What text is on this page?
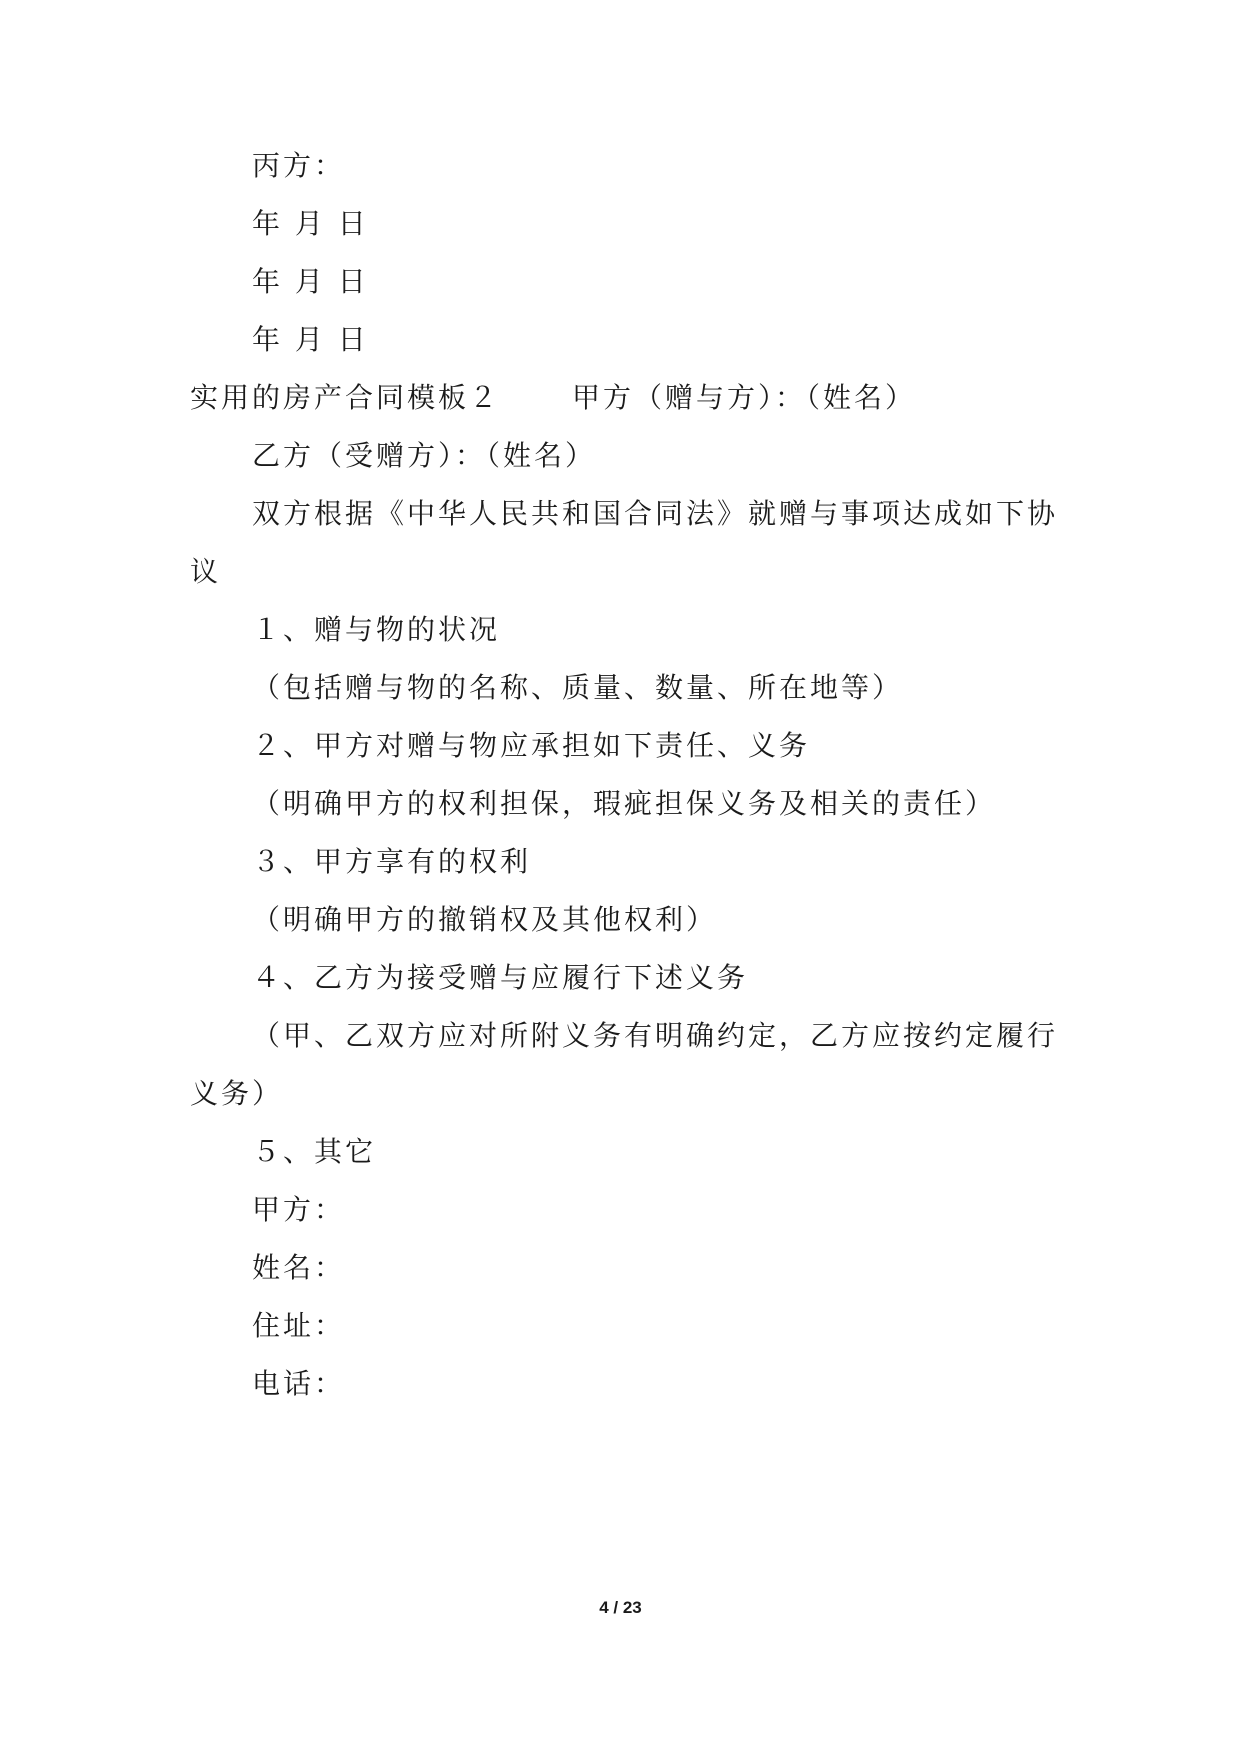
丙方：
年 月 日
年 月 日
年 月 日
实用的房产合同模板２	甲方（赠与方）：（姓名）
乙方（受赠方）：（姓名）
双方根据《中华人民共和国合同法》就赠与事项达成如下协
议
１、赠与物的状况
（包括赠与物的名称、质量、数量、所在地等）
２、甲方对赠与物应承担如下责任、义务
（明确甲方的权利担保，瑕疵担保义务及相关的责任）
３、甲方享有的权利
（明确甲方的撤销权及其他权利）
４、乙方为接受赠与应履行下述义务
（甲、乙双方应对所附义务有明确约定，乙方应按约定履行
义务）
５、其它
甲方：
姓名：
住址：
电话：
4 / 23
